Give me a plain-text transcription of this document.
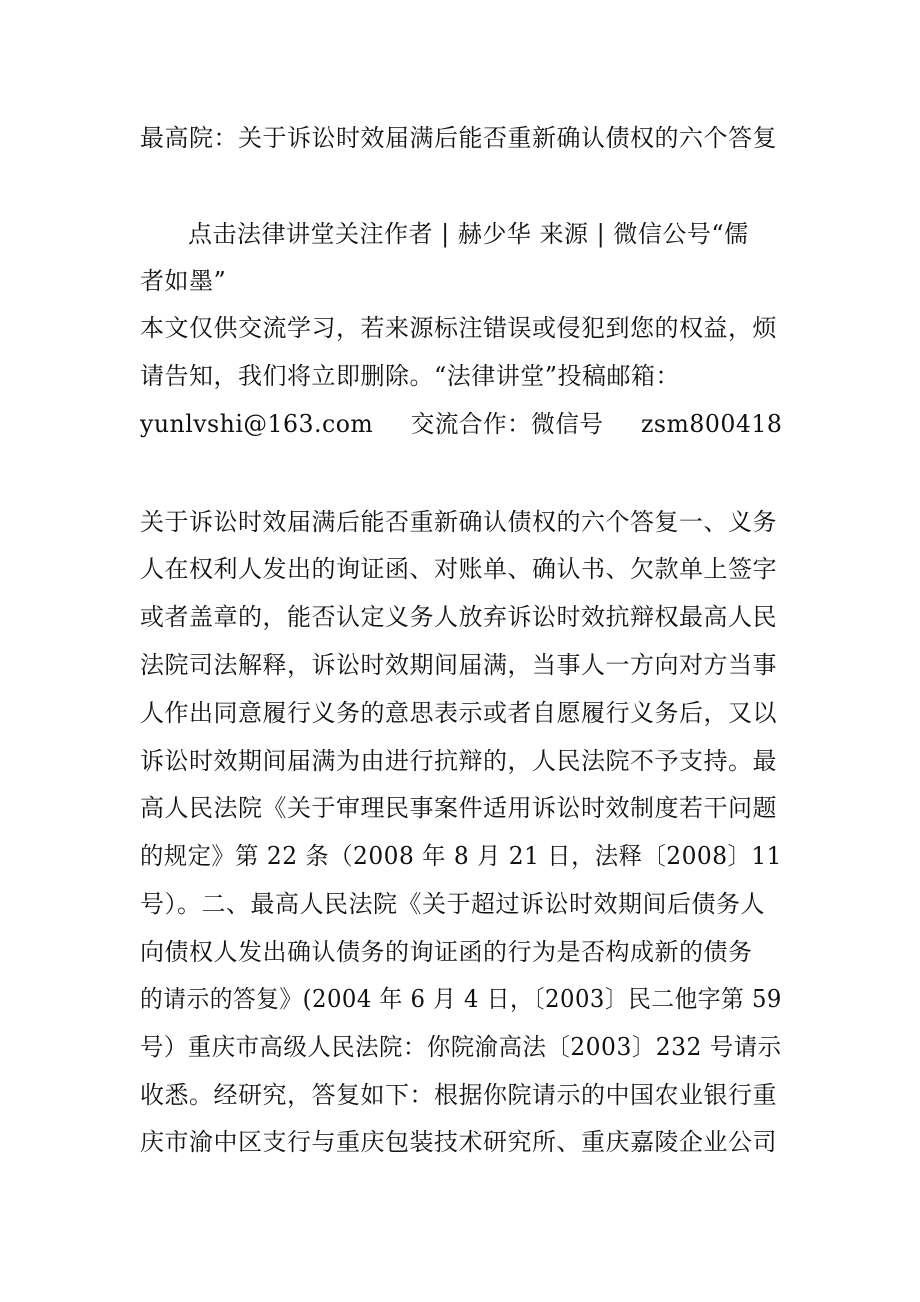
最高院：关于诉讼时效届满后能否重新确认债权的六个答复
点击法律讲堂关注作者 | 赫少华 来源 | 微信公号“儒
者如墨”
本文仅供交流学习，若来源标注错误或侵犯到您的权益，烦
请告知，我们将立即删除。“法律讲堂”投稿邮箱：
yunlvshi@163.com 交流合作：微信号 zsm800418
关于诉讼时效届满后能否重新确认债权的六个答复一、义务
人在权利人发出的询证函、对账单、确认书、欠款单上签字
或者盖章的，能否认定义务人放弃诉讼时效抗辩权最高人民
法院司法解释，诉讼时效期间届满，当事人一方向对方当事
人作出同意履行义务的意思表示或者自愿履行义务后，又以
诉讼时效期间届满为由进行抗辩的，人民法院不予支持。最
高人民法院《关于审理民事案件适用诉讼时效制度若干问题
的规定》第 22 条（2008 年 8 月 21 日，法释〔2008〕11
号）。二、最高人民法院《关于超过诉讼时效期间后债务人
向债权人发出确认债务的询证函的行为是否构成新的债务
的请示的答复》(2004 年 6 月 4 日，〔2003〕民二他字第 59
号）重庆市高级人民法院：你院渝高法〔2003〕232 号请示
收悉。经研究，答复如下：根据你院请示的中国农业银行重
庆市渝中区支行与重庆包装技术研究所、重庆嘉陵企业公司
